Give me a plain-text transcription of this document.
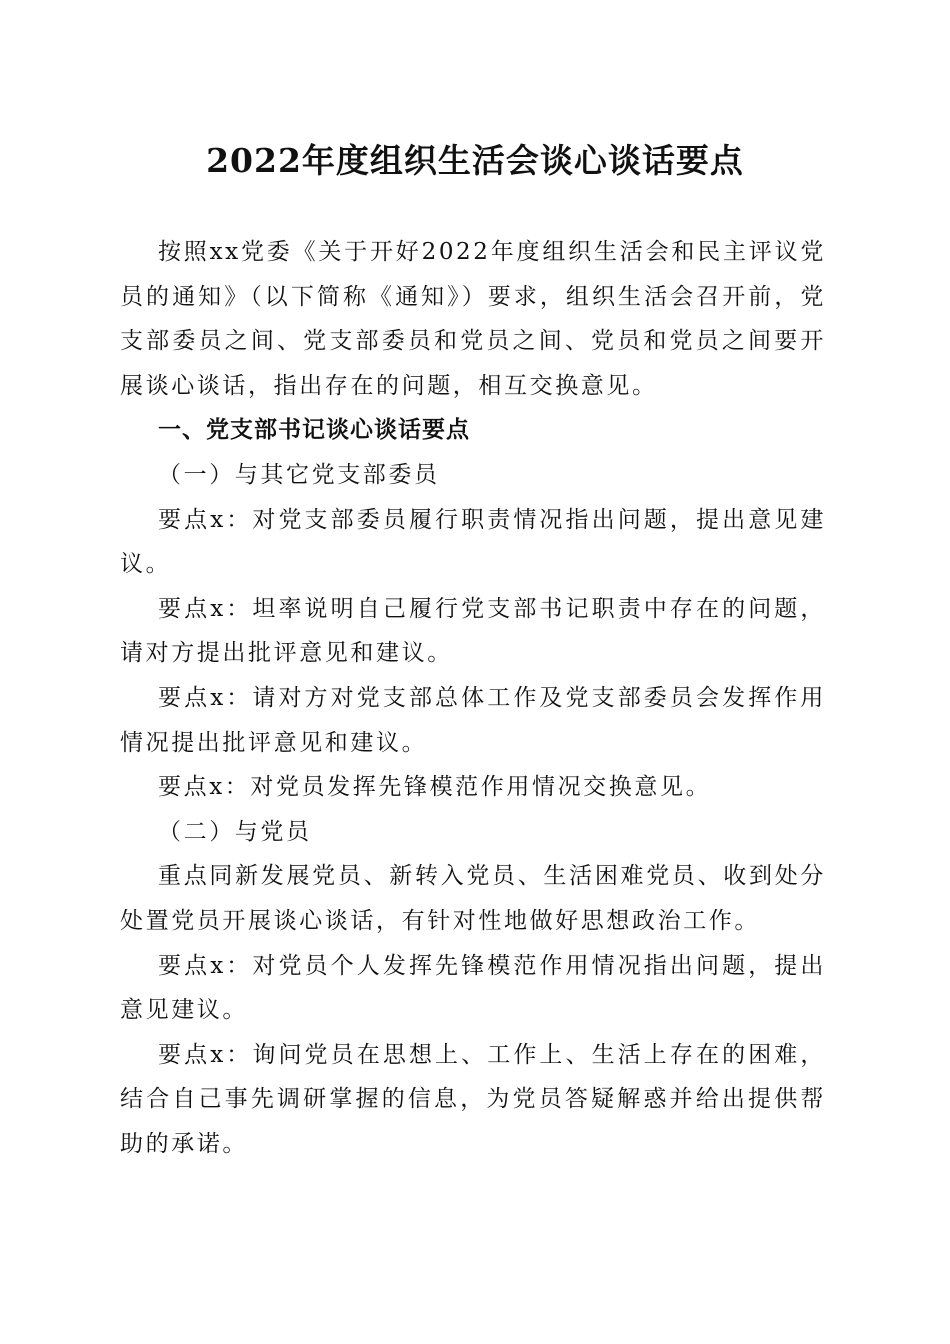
2022年度组织生活会谈心谈话要点

按照xx党委《关于开好2022年度组织生活会和民主评议党员的通知》（以下简称《通知》）要求，组织生活会召开前，党支部委员之间、党支部委员和党员之间、党员和党员之间要开展谈心谈话，指出存在的问题，相互交换意见。

一、党支部书记谈心谈话要点

（一）与其它党支部委员

要点x：对党支部委员履行职责情况指出问题，提出意见建议。

要点x：坦率说明自己履行党支部书记职责中存在的问题，请对方提出批评意见和建议。

要点x：请对方对党支部总体工作及党支部委员会发挥作用情况提出批评意见和建议。

要点x：对党员发挥先锋模范作用情况交换意见。

（二）与党员

重点同新发展党员、新转入党员、生活困难党员、收到处分处置党员开展谈心谈话，有针对性地做好思想政治工作。

要点x：对党员个人发挥先锋模范作用情况指出问题，提出意见建议。

要点x：询问党员在思想上、工作上、生活上存在的困难，结合自己事先调研掌握的信息，为党员答疑解惑并给出提供帮助的承诺。
